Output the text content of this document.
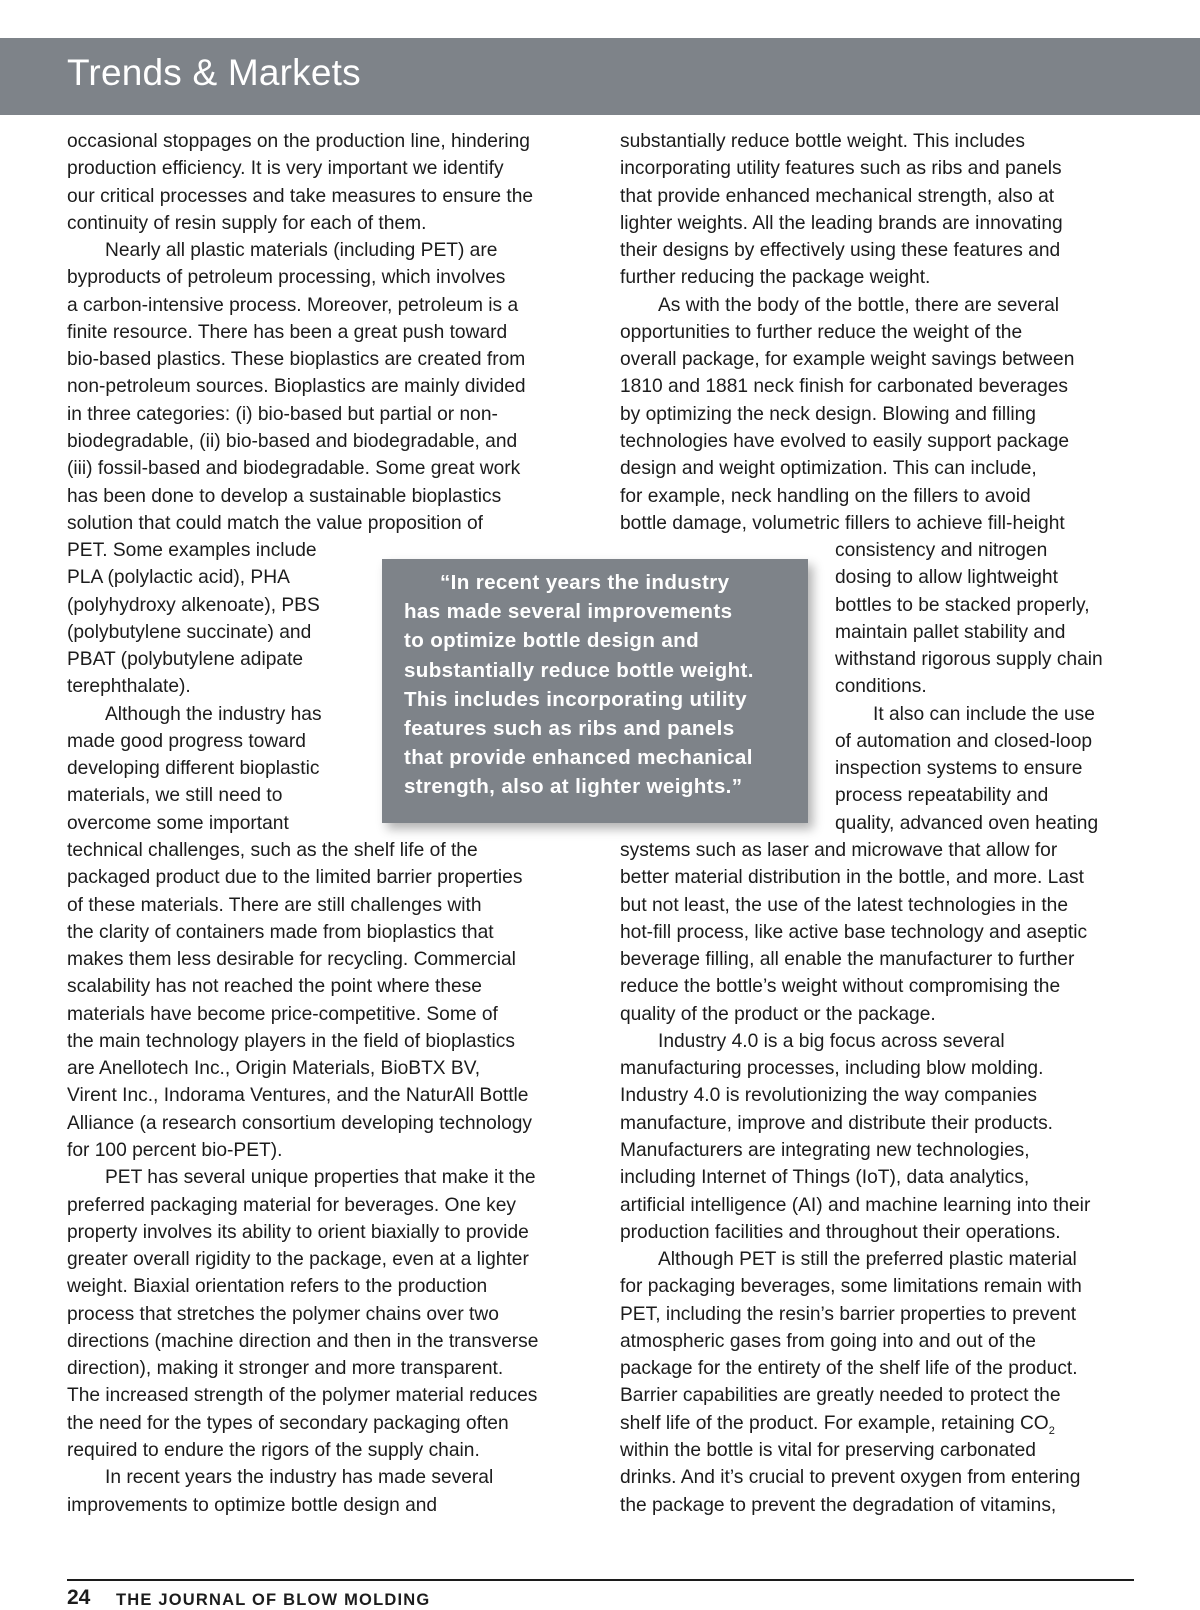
Trends & Markets
occasional stoppages on the production line, hindering
production efficiency. It is very important we identify
our critical processes and take measures to ensure the
continuity of resin supply for each of them.
Nearly all plastic materials (including PET) are
byproducts of petroleum processing, which involves
a carbon-intensive process. Moreover, petroleum is a
finite resource. There has been a great push toward
bio-based plastics. These bioplastics are created from
non-petroleum sources. Bioplastics are mainly divided
in three categories: (i) bio-based but partial or non-
biodegradable, (ii) bio-based and biodegradable, and
(iii) fossil-based and biodegradable. Some great work
has been done to develop a sustainable bioplastics
solution that could match the value proposition of
PET. Some examples include
PLA (polylactic acid), PHA
(polyhydroxy alkenoate), PBS
(polybutylene succinate) and
PBAT (polybutylene adipate
terephthalate).
Although the industry has
made good progress toward
developing different bioplastic
materials, we still need to
overcome some important
technical challenges, such as the shelf life of the
packaged product due to the limited barrier properties
of these materials. There are still challenges with
the clarity of containers made from bioplastics that
makes them less desirable for recycling. Commercial
scalability has not reached the point where these
materials have become price-competitive. Some of
the main technology players in the field of bioplastics
are Anellotech Inc., Origin Materials, BioBTX BV,
Virent Inc., Indorama Ventures, and the NaturAll Bottle
Alliance (a research consortium developing technology
for 100 percent bio-PET).
PET has several unique properties that make it the
preferred packaging material for beverages. One key
property involves its ability to orient biaxially to provide
greater overall rigidity to the package, even at a lighter
weight. Biaxial orientation refers to the production
process that stretches the polymer chains over two
directions (machine direction and then in the transverse
direction), making it stronger and more transparent.
The increased strength of the polymer material reduces
the need for the types of secondary packaging often
required to endure the rigors of the supply chain.
In recent years the industry has made several
improvements to optimize bottle design and
substantially reduce bottle weight. This includes
incorporating utility features such as ribs and panels
that provide enhanced mechanical strength, also at
lighter weights. All the leading brands are innovating
their designs by effectively using these features and
further reducing the package weight.
As with the body of the bottle, there are several
opportunities to further reduce the weight of the
overall package, for example weight savings between
1810 and 1881 neck finish for carbonated beverages
by optimizing the neck design. Blowing and filling
technologies have evolved to easily support package
design and weight optimization. This can include,
for example, neck handling on the fillers to avoid
bottle damage, volumetric fillers to achieve fill-height
consistency and nitrogen
dosing to allow lightweight
bottles to be stacked properly,
maintain pallet stability and
withstand rigorous supply chain
conditions.
It also can include the use
of automation and closed-loop
inspection systems to ensure
process repeatability and
quality, advanced oven heating
systems such as laser and microwave that allow for
better material distribution in the bottle, and more. Last
but not least, the use of the latest technologies in the
hot-fill process, like active base technology and aseptic
beverage filling, all enable the manufacturer to further
reduce the bottle’s weight without compromising the
quality of the product or the package.
Industry 4.0 is a big focus across several
manufacturing processes, including blow molding.
Industry 4.0 is revolutionizing the way companies
manufacture, improve and distribute their products.
Manufacturers are integrating new technologies,
including Internet of Things (IoT), data analytics,
artificial intelligence (AI) and machine learning into their
production facilities and throughout their operations.
Although PET is still the preferred plastic material
for packaging beverages, some limitations remain with
PET, including the resin’s barrier properties to prevent
atmospheric gases from going into and out of the
package for the entirety of the shelf life of the product.
Barrier capabilities are greatly needed to protect the
shelf life of the product. For example, retaining $CO_2$
within the bottle is vital for preserving carbonated
drinks. And it’s crucial to prevent oxygen from entering
the package to prevent the degradation of vitamins,
“In recent years the industry
has made several improvements
to optimize bottle design and
substantially reduce bottle weight.
This includes incorporating utility
features such as ribs and panels
that provide enhanced mechanical
strength, also at lighter weights.”
24 THE JOURNAL OF BLOW MOLDING
